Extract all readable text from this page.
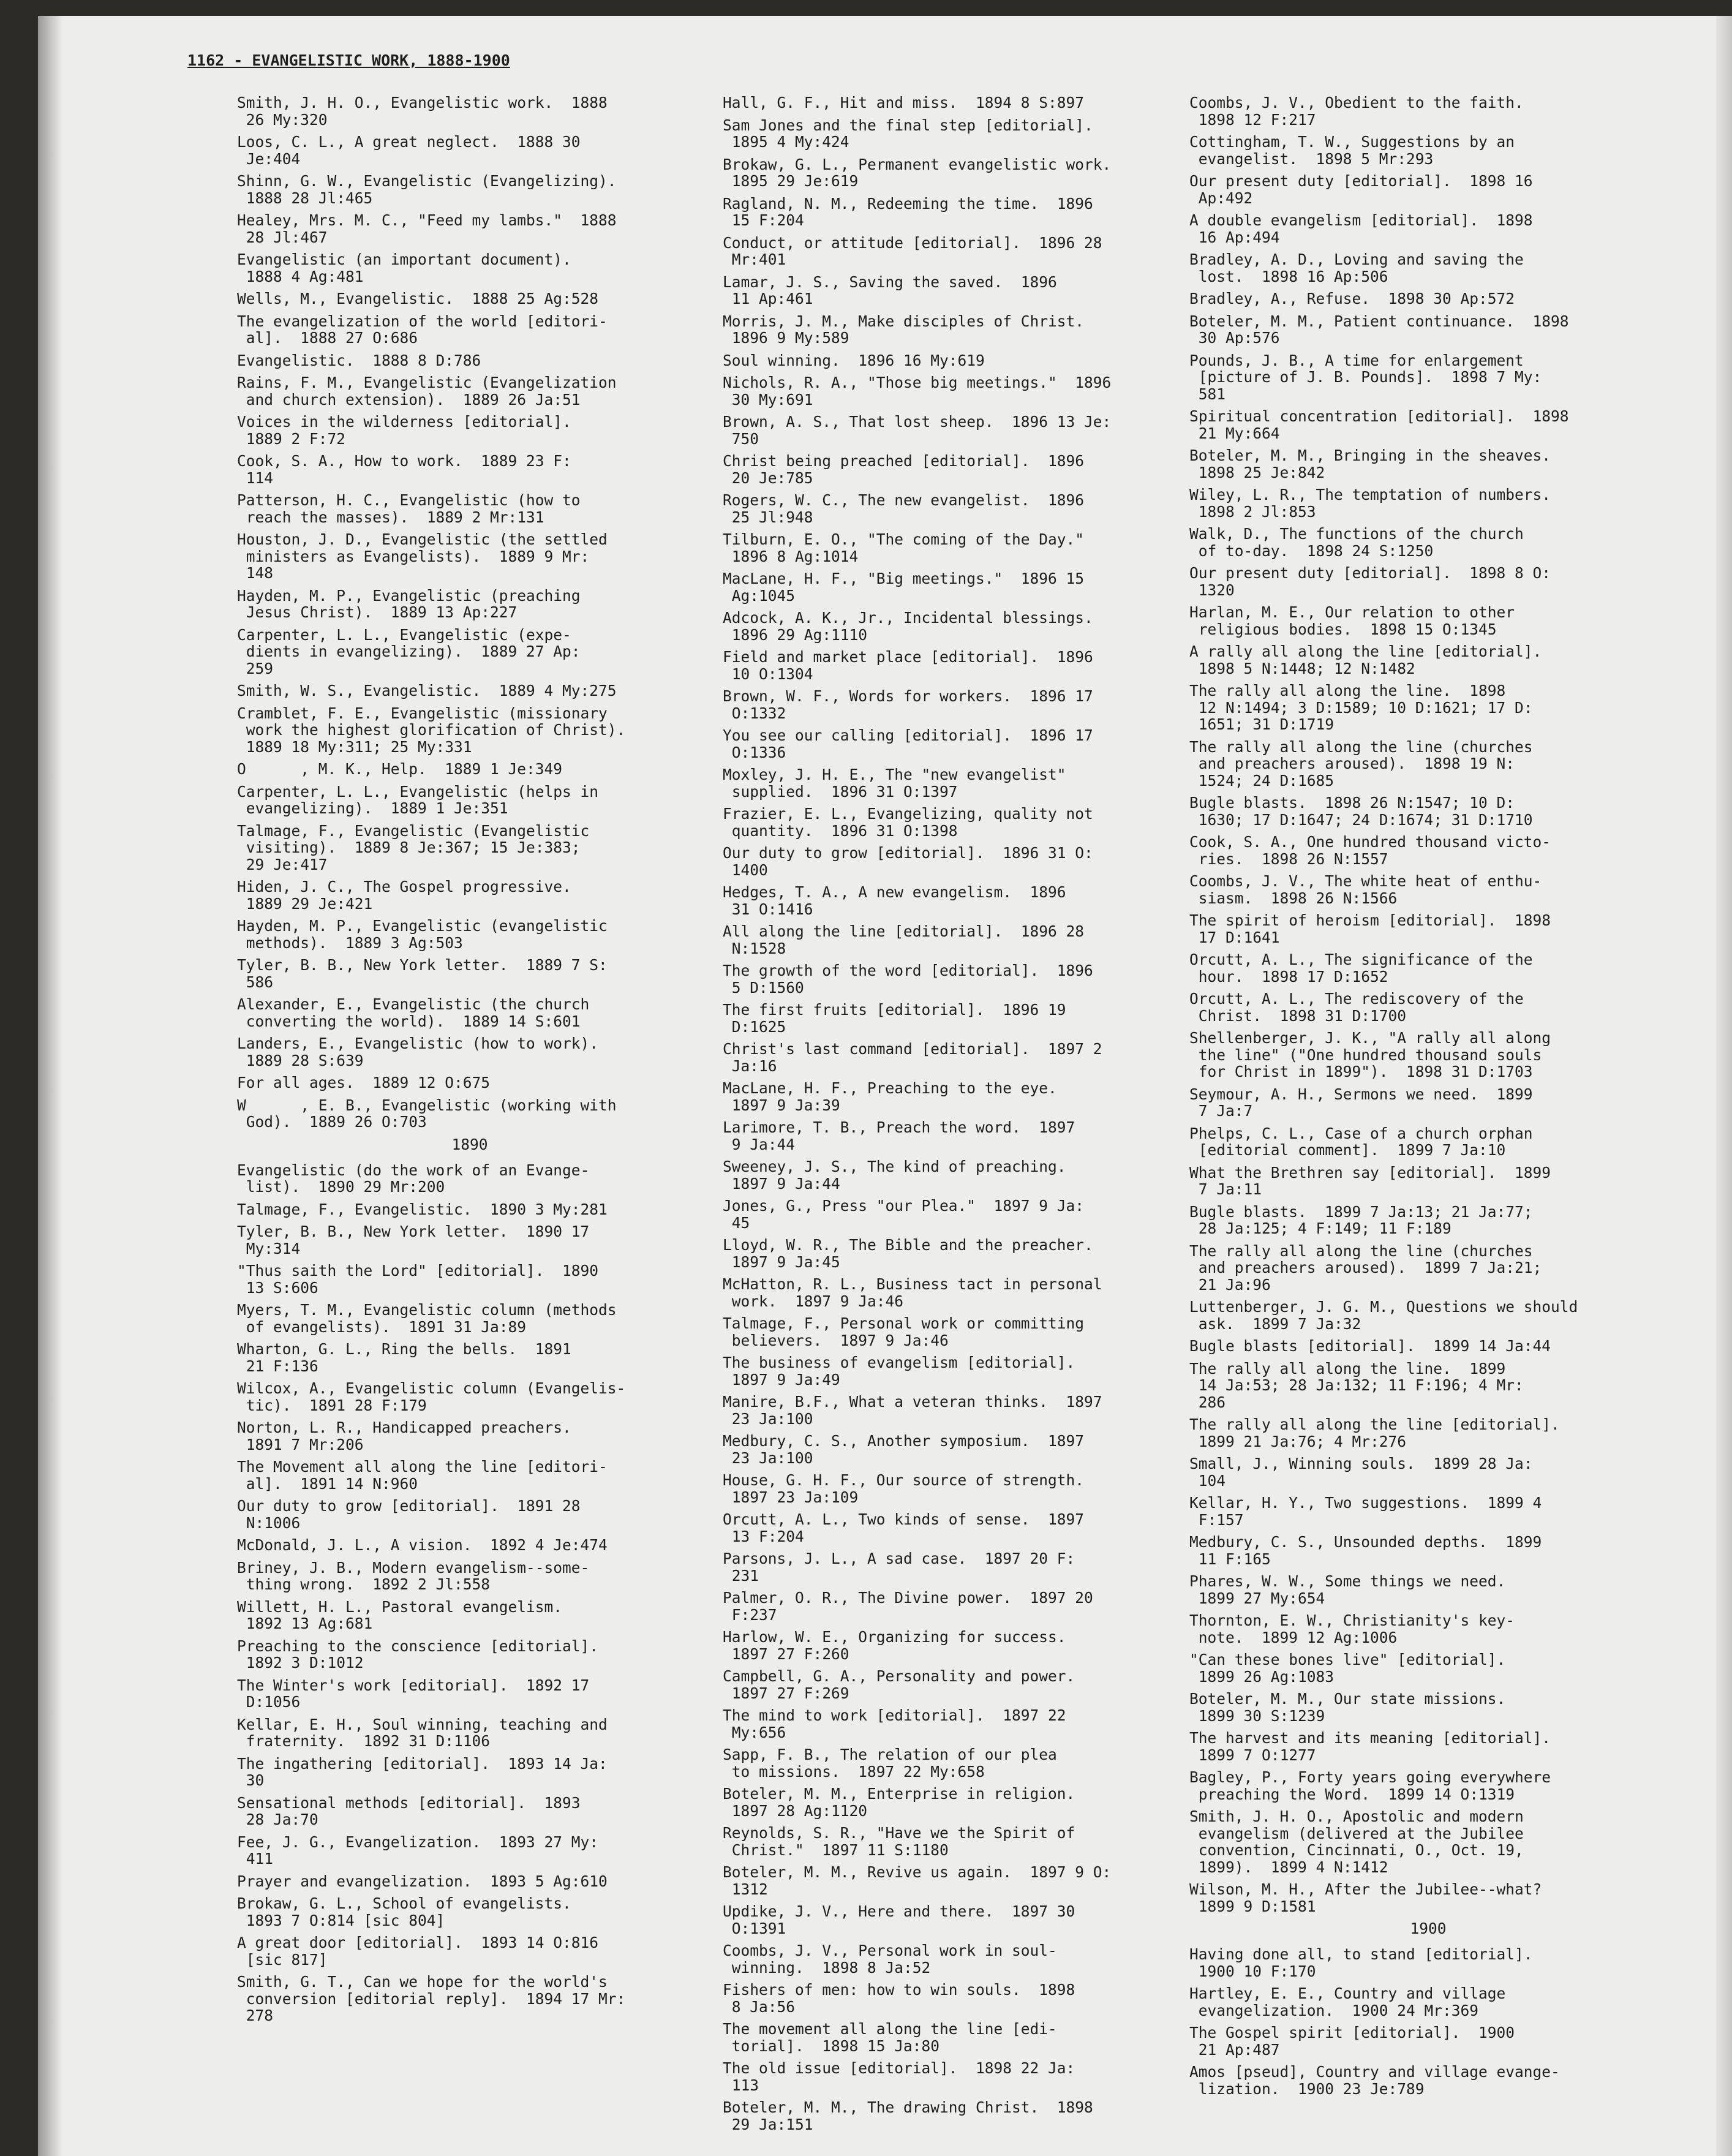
1162 - EVANGELISTIC WORK, 1888-1900
Smith, J. H. O., Evangelistic work.  1888
26 My:320
Loos, C. L., A great neglect.  1888 30
Je:404
Shinn, G. W., Evangelistic (Evangelizing).
1888 28 Jl:465
Healey, Mrs. M. C., "Feed my lambs."  1888
28 Jl:467
Evangelistic (an important document).
1888 4 Ag:481
Wells, M., Evangelistic.  1888 25 Ag:528
The evangelization of the world [editori-
al].  1888 27 O:686
Evangelistic.  1888 8 D:786
Rains, F. M., Evangelistic (Evangelization
and church extension).  1889 26 Ja:51
Voices in the wilderness [editorial].
1889 2 F:72
Cook, S. A., How to work.  1889 23 F:
114
Patterson, H. C., Evangelistic (how to
reach the masses).  1889 2 Mr:131
Houston, J. D., Evangelistic (the settled
ministers as Evangelists).  1889 9 Mr:
148
Hayden, M. P., Evangelistic (preaching
Jesus Christ).  1889 13 Ap:227
Carpenter, L. L., Evangelistic (expe-
dients in evangelizing).  1889 27 Ap:
259
Smith, W. S., Evangelistic.  1889 4 My:275
Cramblet, F. E., Evangelistic (missionary
work the highest glorification of Christ).
1889 18 My:311; 25 My:331
O      , M. K., Help.  1889 1 Je:349
Carpenter, L. L., Evangelistic (helps in
evangelizing).  1889 1 Je:351
Talmage, F., Evangelistic (Evangelistic
visiting).  1889 8 Je:367; 15 Je:383;
29 Je:417
Hiden, J. C., The Gospel progressive.
1889 29 Je:421
Hayden, M. P., Evangelistic (evangelistic
methods).  1889 3 Ag:503
Tyler, B. B., New York letter.  1889 7 S:
586
Alexander, E., Evangelistic (the church
converting the world).  1889 14 S:601
Landers, E., Evangelistic (how to work).
1889 28 S:639
For all ages.  1889 12 O:675
W      , E. B., Evangelistic (working with
God).  1889 26 O:703
1890
Evangelistic (do the work of an Evange-
list).  1890 29 Mr:200
Talmage, F., Evangelistic.  1890 3 My:281
Tyler, B. B., New York letter.  1890 17
My:314
"Thus saith the Lord" [editorial].  1890
13 S:606
Myers, T. M., Evangelistic column (methods
of evangelists).  1891 31 Ja:89
Wharton, G. L., Ring the bells.  1891
21 F:136
Wilcox, A., Evangelistic column (Evangelis-
tic).  1891 28 F:179
Norton, L. R., Handicapped preachers.
1891 7 Mr:206
The Movement all along the line [editori-
al].  1891 14 N:960
Our duty to grow [editorial].  1891 28
N:1006
McDonald, J. L., A vision.  1892 4 Je:474
Briney, J. B., Modern evangelism--some-
thing wrong.  1892 2 Jl:558
Willett, H. L., Pastoral evangelism.
1892 13 Ag:681
Preaching to the conscience [editorial].
1892 3 D:1012
The Winter's work [editorial].  1892 17
D:1056
Kellar, E. H., Soul winning, teaching and
fraternity.  1892 31 D:1106
The ingathering [editorial].  1893 14 Ja:
30
Sensational methods [editorial].  1893
28 Ja:70
Fee, J. G., Evangelization.  1893 27 My:
411
Prayer and evangelization.  1893 5 Ag:610
Brokaw, G. L., School of evangelists.
1893 7 O:814 [sic 804]
A great door [editorial].  1893 14 O:816
[sic 817]
Smith, G. T., Can we hope for the world's
conversion [editorial reply].  1894 17 Mr:
278
Hall, G. F., Hit and miss.  1894 8 S:897
Sam Jones and the final step [editorial].
1895 4 My:424
Brokaw, G. L., Permanent evangelistic work.
1895 29 Je:619
Ragland, N. M., Redeeming the time.  1896
15 F:204
Conduct, or attitude [editorial].  1896 28
Mr:401
Lamar, J. S., Saving the saved.  1896
11 Ap:461
Morris, J. M., Make disciples of Christ.
1896 9 My:589
Soul winning.  1896 16 My:619
Nichols, R. A., "Those big meetings."  1896
30 My:691
Brown, A. S., That lost sheep.  1896 13 Je:
750
Christ being preached [editorial].  1896
20 Je:785
Rogers, W. C., The new evangelist.  1896
25 Jl:948
Tilburn, E. O., "The coming of the Day."
1896 8 Ag:1014
MacLane, H. F., "Big meetings."  1896 15
Ag:1045
Adcock, A. K., Jr., Incidental blessings.
1896 29 Ag:1110
Field and market place [editorial].  1896
10 O:1304
Brown, W. F., Words for workers.  1896 17
O:1332
You see our calling [editorial].  1896 17
O:1336
Moxley, J. H. E., The "new evangelist"
supplied.  1896 31 O:1397
Frazier, E. L., Evangelizing, quality not
quantity.  1896 31 O:1398
Our duty to grow [editorial].  1896 31 O:
1400
Hedges, T. A., A new evangelism.  1896
31 O:1416
All along the line [editorial].  1896 28
N:1528
The growth of the word [editorial].  1896
5 D:1560
The first fruits [editorial].  1896 19
D:1625
Christ's last command [editorial].  1897 2
Ja:16
MacLane, H. F., Preaching to the eye.
1897 9 Ja:39
Larimore, T. B., Preach the word.  1897
9 Ja:44
Sweeney, J. S., The kind of preaching.
1897 9 Ja:44
Jones, G., Press "our Plea."  1897 9 Ja:
45
Lloyd, W. R., The Bible and the preacher.
1897 9 Ja:45
McHatton, R. L., Business tact in personal
work.  1897 9 Ja:46
Talmage, F., Personal work or committing
believers.  1897 9 Ja:46
The business of evangelism [editorial].
1897 9 Ja:49
Manire, B.F., What a veteran thinks.  1897
23 Ja:100
Medbury, C. S., Another symposium.  1897
23 Ja:100
House, G. H. F., Our source of strength.
1897 23 Ja:109
Orcutt, A. L., Two kinds of sense.  1897
13 F:204
Parsons, J. L., A sad case.  1897 20 F:
231
Palmer, O. R., The Divine power.  1897 20
F:237
Harlow, W. E., Organizing for success.
1897 27 F:260
Campbell, G. A., Personality and power.
1897 27 F:269
The mind to work [editorial].  1897 22
My:656
Sapp, F. B., The relation of our plea
to missions.  1897 22 My:658
Boteler, M. M., Enterprise in religion.
1897 28 Ag:1120
Reynolds, S. R., "Have we the Spirit of
Christ."  1897 11 S:1180
Boteler, M. M., Revive us again.  1897 9 O:
1312
Updike, J. V., Here and there.  1897 30
O:1391
Coombs, J. V., Personal work in soul-
winning.  1898 8 Ja:52
Fishers of men: how to win souls.  1898
8 Ja:56
The movement all along the line [edi-
torial].  1898 15 Ja:80
The old issue [editorial].  1898 22 Ja:
113
Boteler, M. M., The drawing Christ.  1898
29 Ja:151
Coombs, J. V., Obedient to the faith.
1898 12 F:217
Cottingham, T. W., Suggestions by an
evangelist.  1898 5 Mr:293
Our present duty [editorial].  1898 16
Ap:492
A double evangelism [editorial].  1898
16 Ap:494
Bradley, A. D., Loving and saving the
lost.  1898 16 Ap:506
Bradley, A., Refuse.  1898 30 Ap:572
Boteler, M. M., Patient continuance.  1898
30 Ap:576
Pounds, J. B., A time for enlargement
[picture of J. B. Pounds].  1898 7 My:
581
Spiritual concentration [editorial].  1898
21 My:664
Boteler, M. M., Bringing in the sheaves.
1898 25 Je:842
Wiley, L. R., The temptation of numbers.
1898 2 Jl:853
Walk, D., The functions of the church
of to-day.  1898 24 S:1250
Our present duty [editorial].  1898 8 O:
1320
Harlan, M. E., Our relation to other
religious bodies.  1898 15 O:1345
A rally all along the line [editorial].
1898 5 N:1448; 12 N:1482
The rally all along the line.  1898
12 N:1494; 3 D:1589; 10 D:1621; 17 D:
1651; 31 D:1719
The rally all along the line (churches
and preachers aroused).  1898 19 N:
1524; 24 D:1685
Bugle blasts.  1898 26 N:1547; 10 D:
1630; 17 D:1647; 24 D:1674; 31 D:1710
Cook, S. A., One hundred thousand victo-
ries.  1898 26 N:1557
Coombs, J. V., The white heat of enthu-
siasm.  1898 26 N:1566
The spirit of heroism [editorial].  1898
17 D:1641
Orcutt, A. L., The significance of the
hour.  1898 17 D:1652
Orcutt, A. L., The rediscovery of the
Christ.  1898 31 D:1700
Shellenberger, J. K., "A rally all along
the line" ("One hundred thousand souls
for Christ in 1899").  1898 31 D:1703
Seymour, A. H., Sermons we need.  1899
7 Ja:7
Phelps, C. L., Case of a church orphan
[editorial comment].  1899 7 Ja:10
What the Brethren say [editorial].  1899
7 Ja:11
Bugle blasts.  1899 7 Ja:13; 21 Ja:77;
28 Ja:125; 4 F:149; 11 F:189
The rally all along the line (churches
and preachers aroused).  1899 7 Ja:21;
21 Ja:96
Luttenberger, J. G. M., Questions we should
ask.  1899 7 Ja:32
Bugle blasts [editorial].  1899 14 Ja:44
The rally all along the line.  1899
14 Ja:53; 28 Ja:132; 11 F:196; 4 Mr:
286
The rally all along the line [editorial].
1899 21 Ja:76; 4 Mr:276
Small, J., Winning souls.  1899 28 Ja:
104
Kellar, H. Y., Two suggestions.  1899 4
F:157
Medbury, C. S., Unsounded depths.  1899
11 F:165
Phares, W. W., Some things we need.
1899 27 My:654
Thornton, E. W., Christianity's key-
note.  1899 12 Ag:1006
"Can these bones live" [editorial].
1899 26 Ag:1083
Boteler, M. M., Our state missions.
1899 30 S:1239
The harvest and its meaning [editorial].
1899 7 O:1277
Bagley, P., Forty years going everywhere
preaching the Word.  1899 14 O:1319
Smith, J. H. O., Apostolic and modern
evangelism (delivered at the Jubilee
convention, Cincinnati, O., Oct. 19,
1899).  1899 4 N:1412
Wilson, M. H., After the Jubilee--what?
1899 9 D:1581
1900
Having done all, to stand [editorial].
1900 10 F:170
Hartley, E. E., Country and village
evangelization.  1900 24 Mr:369
The Gospel spirit [editorial].  1900
21 Ap:487
Amos [pseud], Country and village evange-
lization.  1900 23 Je:789
